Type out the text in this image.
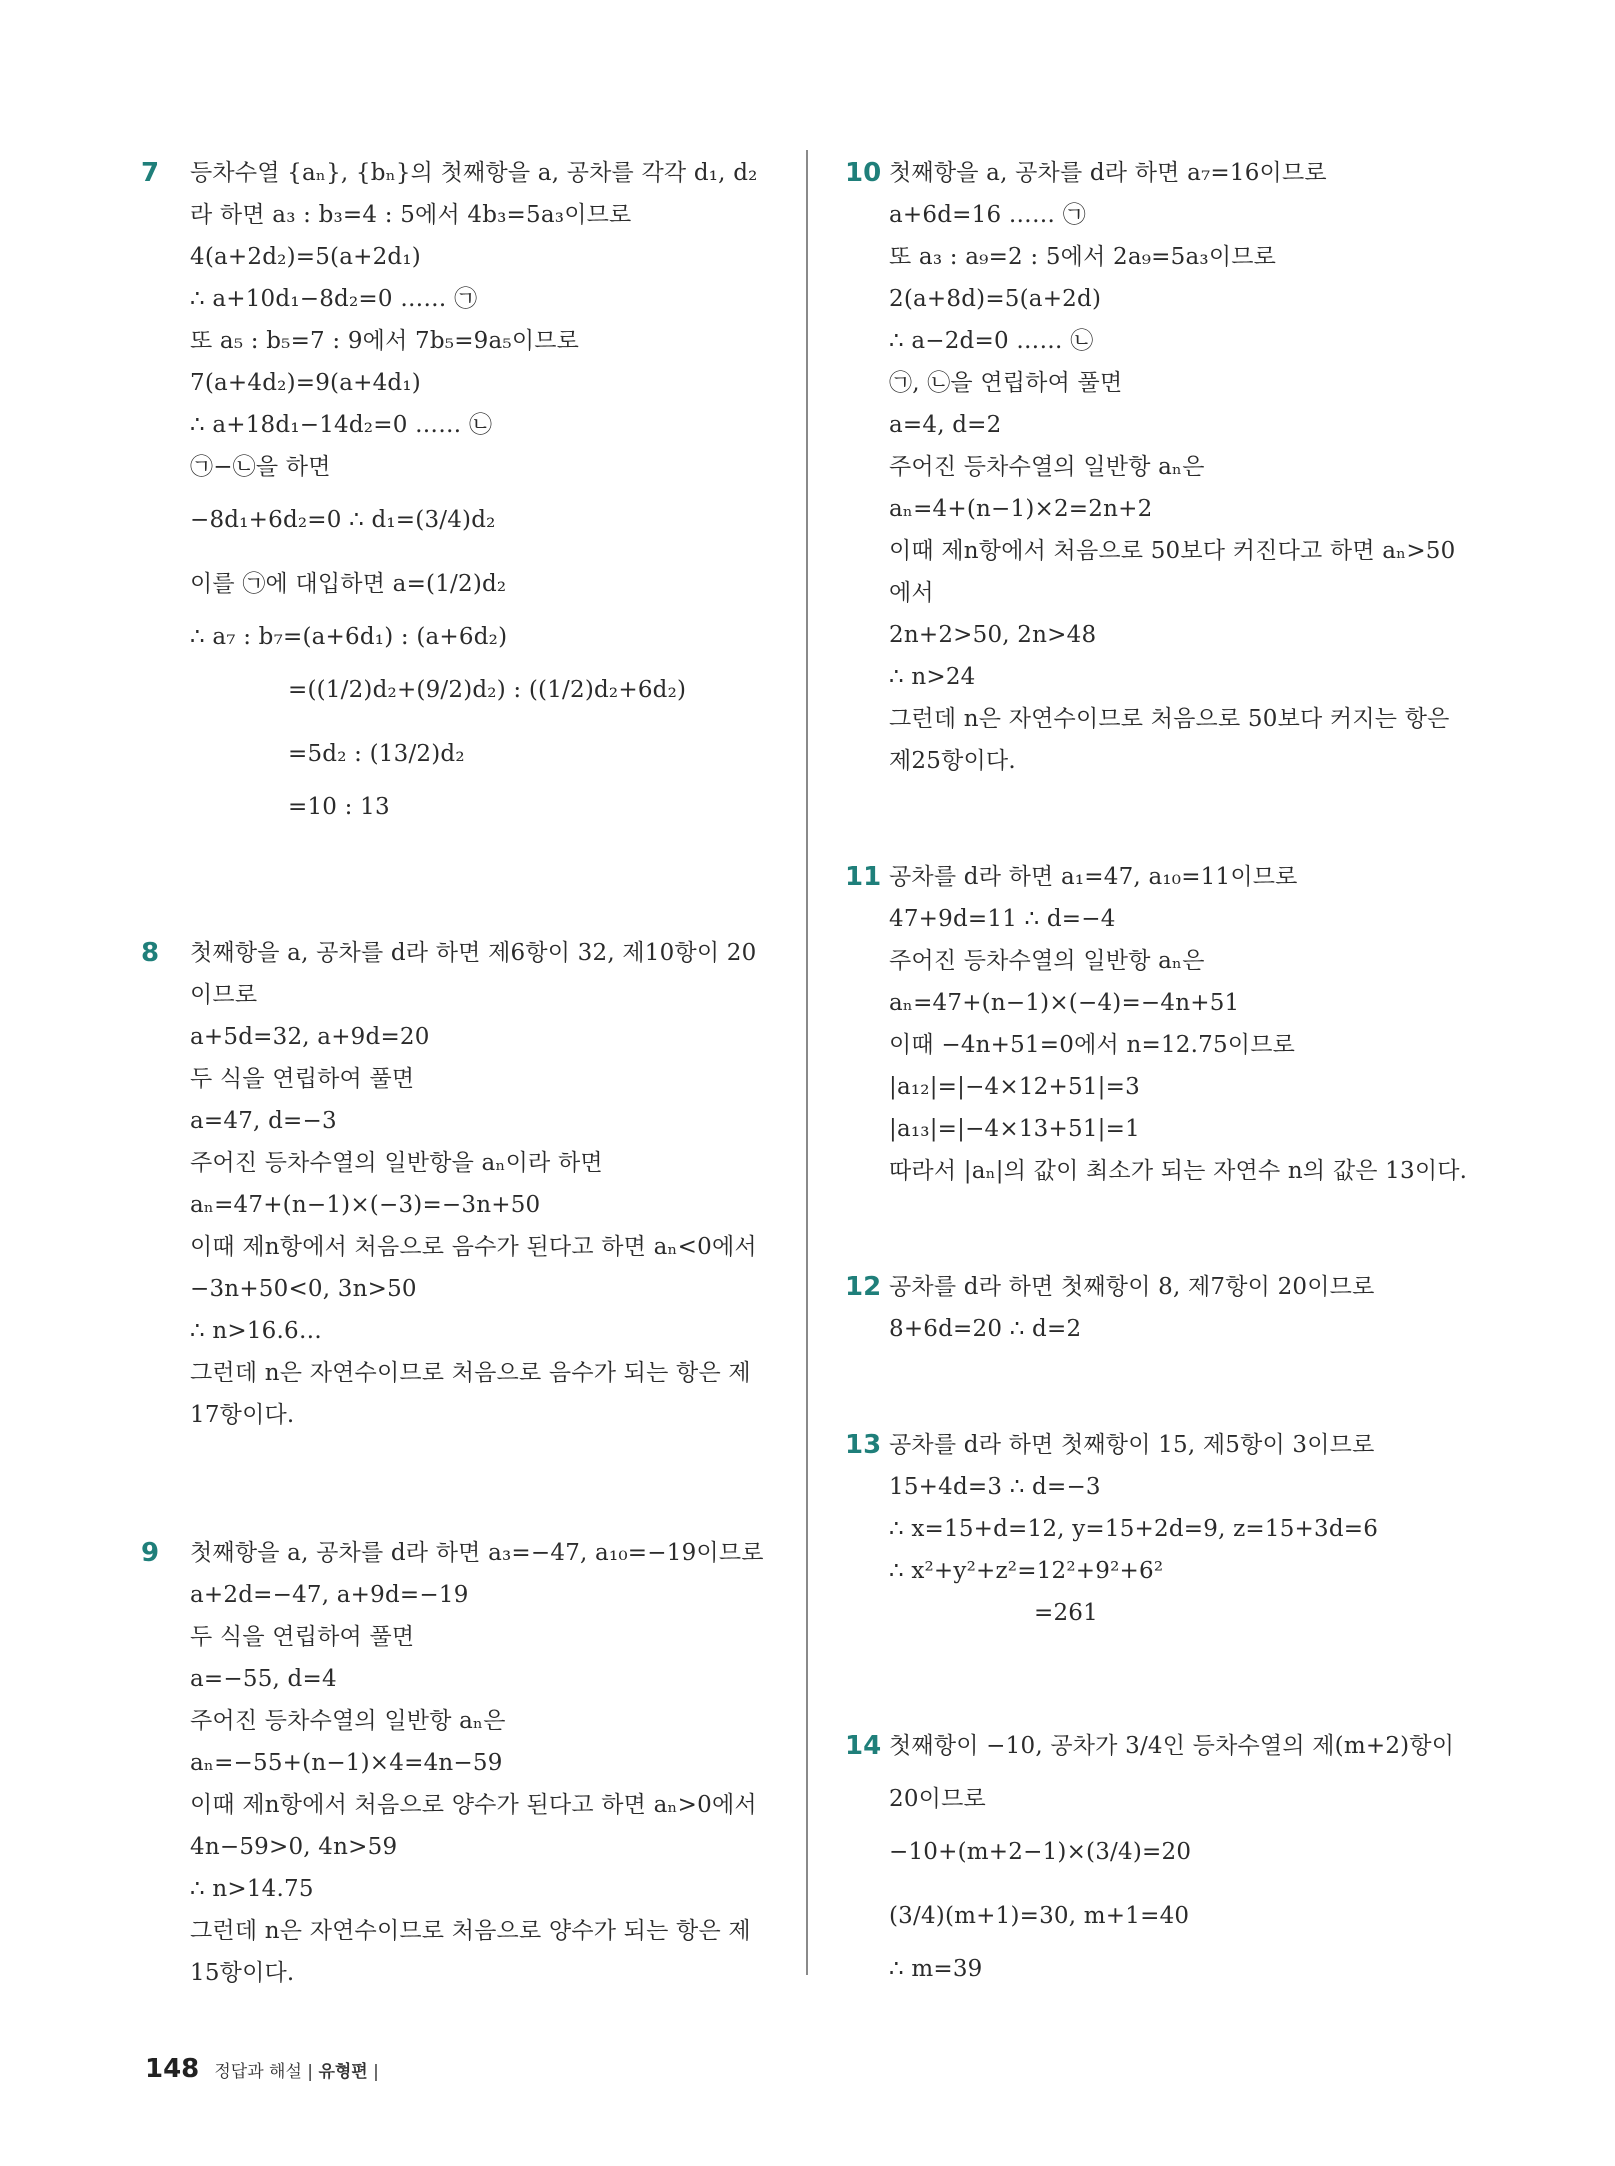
7	등차수열 {aₙ}, {bₙ}의 첫째항을 a, 공차를 각각 d₁, d₂
라 하면 a₃ : b₃=4 : 5에서 4b₃=5a₃이므로
4(a+2d₂)=5(a+2d₁)
∴ a+10d₁−8d₂=0 …… ㉠
또 a₅ : b₅=7 : 9에서 7b₅=9a₅이므로
7(a+4d₂)=9(a+4d₁)
∴ a+18d₁−14d₂=0 …… ㉡
㉠−㉡을 하면
−8d₁+6d₂=0 ∴ d₁=(3/4)d₂
이를 ㉠에 대입하면 a=(1/2)d₂
∴ a₇ : b₇=(a+6d₁) : (a+6d₂)
=((1/2)d₂+(9/2)d₂) : ((1/2)d₂+6d₂)
=5d₂ : (13/2)d₂
=10 : 13
8	첫째항을 a, 공차를 d라 하면 제6항이 32, 제10항이 20
이므로
a+5d=32, a+9d=20
두 식을 연립하여 풀면
a=47, d=−3
주어진 등차수열의 일반항을 aₙ이라 하면
aₙ=47+(n−1)×(−3)=−3n+50
이때 제n항에서 처음으로 음수가 된다고 하면 aₙ<0에서
−3n+50<0, 3n>50
∴ n>16.6…
그런데 n은 자연수이므로 처음으로 음수가 되는 항은 제
17항이다.
9	첫째항을 a, 공차를 d라 하면 a₃=−47, a₁₀=−19이므로
a+2d=−47, a+9d=−19
두 식을 연립하여 풀면
a=−55, d=4
주어진 등차수열의 일반항 aₙ은
aₙ=−55+(n−1)×4=4n−59
이때 제n항에서 처음으로 양수가 된다고 하면 aₙ>0에서
4n−59>0, 4n>59
∴ n>14.75
그런데 n은 자연수이므로 처음으로 양수가 되는 항은 제
15항이다.
10 첫째항을 a, 공차를 d라 하면 a₇=16이므로
a+6d=16 …… ㉠
또 a₃ : a₉=2 : 5에서 2a₉=5a₃이므로
2(a+8d)=5(a+2d)
∴ a−2d=0 …… ㉡
㉠, ㉡을 연립하여 풀면
a=4, d=2
주어진 등차수열의 일반항 aₙ은
aₙ=4+(n−1)×2=2n+2
이때 제n항에서 처음으로 50보다 커진다고 하면 aₙ>50
에서
2n+2>50, 2n>48
∴ n>24
그런데 n은 자연수이므로 처음으로 50보다 커지는 항은
제25항이다.
11 공차를 d라 하면 a₁=47, a₁₀=11이므로
47+9d=11 ∴ d=−4
주어진 등차수열의 일반항 aₙ은
aₙ=47+(n−1)×(−4)=−4n+51
이때 −4n+51=0에서 n=12.75이므로
|a₁₂|=|−4×12+51|=3
|a₁₃|=|−4×13+51|=1
따라서 |aₙ|의 값이 최소가 되는 자연수 n의 값은 13이다.
12 공차를 d라 하면 첫째항이 8, 제7항이 20이므로
8+6d=20 ∴ d=2
13 공차를 d라 하면 첫째항이 15, 제5항이 3이므로
15+4d=3 ∴ d=−3
∴ x=15+d=12, y=15+2d=9, z=15+3d=6
∴ x²+y²+z²=12²+9²+6²
=261
14 첫째항이 −10, 공차가 3/4인 등차수열의 제(m+2)항이
20이므로
−10+(m+2−1)×(3/4)=20
(3/4)(m+1)=30, m+1=40
∴ m=39
148 정답과 해설 | 유형편 |
